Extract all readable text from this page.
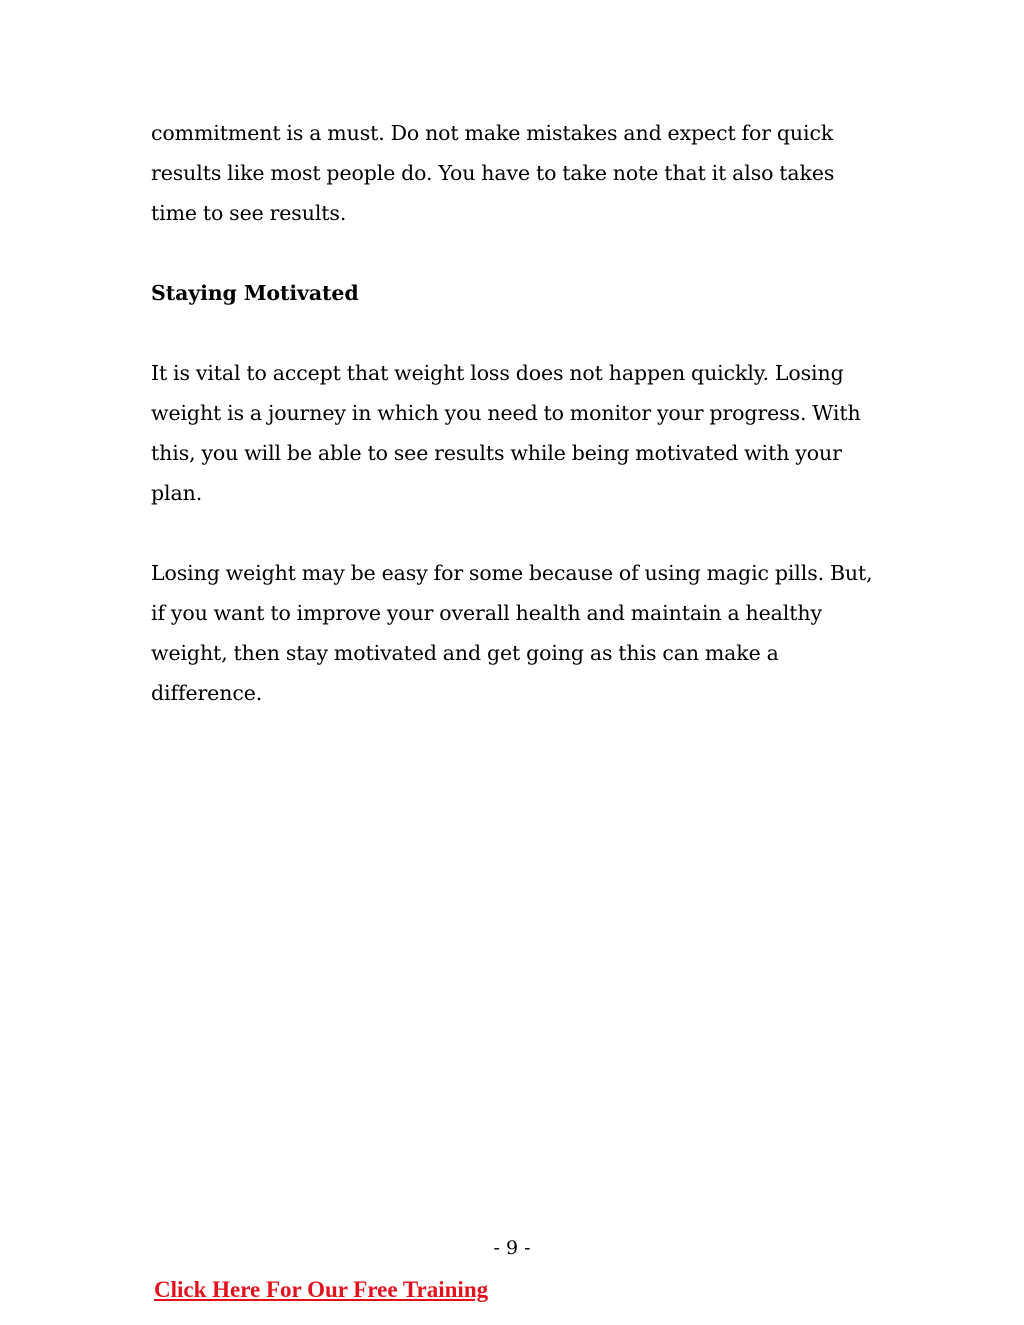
commitment is a must. Do not make mistakes and expect for quick results like most people do. You have to take note that it also takes time to see results.

Staying Motivated

It is vital to accept that weight loss does not happen quickly. Losing weight is a journey in which you need to monitor your progress. With this, you will be able to see results while being motivated with your plan.

Losing weight may be easy for some because of using magic pills. But, if you want to improve your overall health and maintain a healthy weight, then stay motivated and get going as this can make a difference.

- 9 -
Click Here For Our Free Training
